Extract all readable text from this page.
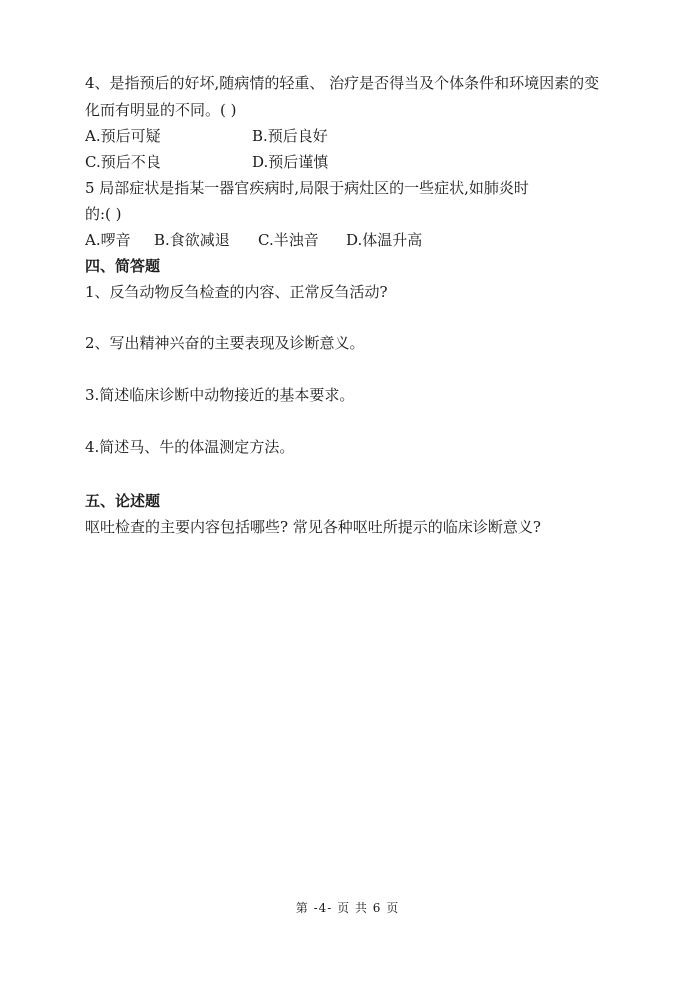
4、是指预后的好坏,随病情的轻重、 治疗是否得当及个体条件和环境因素的变
化而有明显的不同。( )
A.预后可疑	B.预后良好
C.预后不良	D.预后谨慎
5 局部症状是指某一器官疾病时,局限于病灶区的一些症状,如肺炎时
的:( )
A.啰音 B.食欲减退 C.半浊音 D.体温升高
四、简答题
1、反刍动物反刍检查的内容、正常反刍活动?
2、写出精神兴奋的主要表现及诊断意义。
3.简述临床诊断中动物接近的基本要求。
4.简述马、牛的体温测定方法。
五、论述题
呕吐检查的主要内容包括哪些? 常见各种呕吐所提示的临床诊断意义?
第 -4- 页 共 6 页
